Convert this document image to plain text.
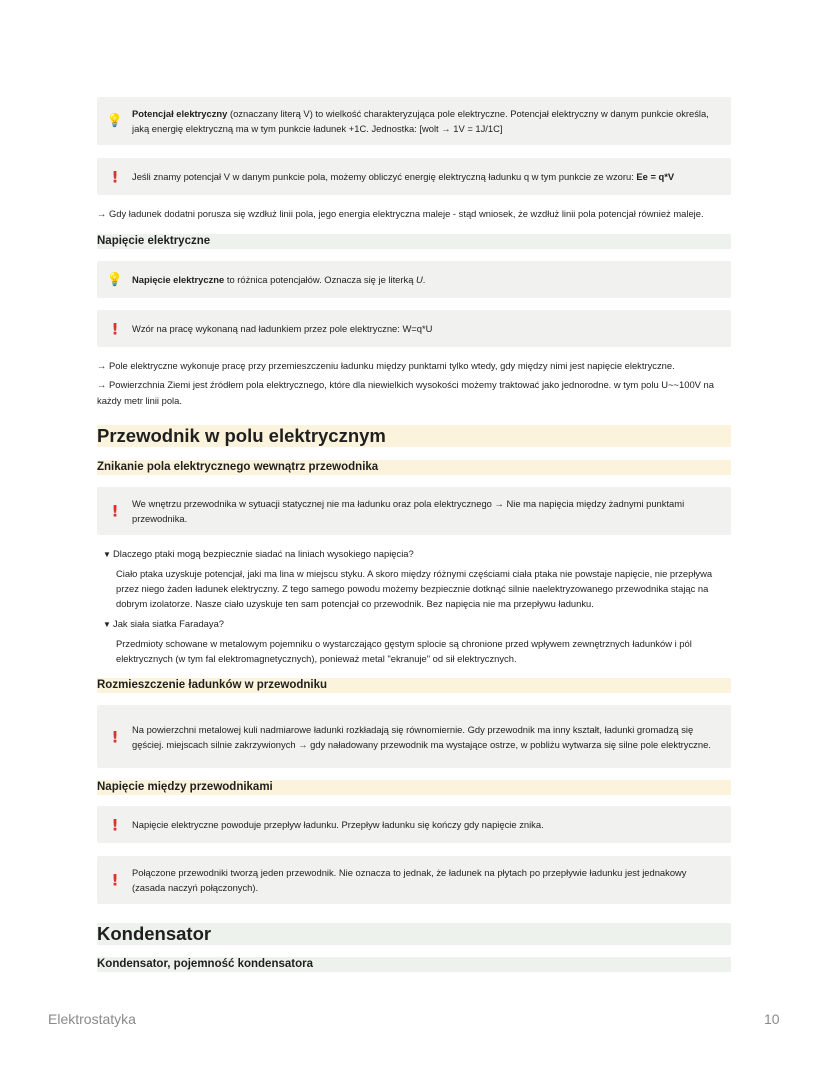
💡 Potencjał elektryczny (oznaczany literą V) to wielkość charakteryzująca pole elektryczne. Potencjał elektryczny w danym punkcie określa, jaką energię elektryczną ma w tym punkcie ładunek +1C. Jednostka: [wolt → 1V = 1J/1C]
!	Jeśli znamy potencjał V w danym punkcie pola, możemy obliczyć energię elektryczną ładunku q w tym punkcie ze wzoru: Ee = q*V
→ Gdy ładunek dodatni porusza się wzdłuż linii pola, jego energia elektryczna maleje - stąd wniosek, że wzdłuż linii pola potencjał również maleje.
Napięcie elektryczne
💡 Napięcie elektryczne to różnica potencjałów. Oznacza się je literką U.
!	Wzór na pracę wykonaną nad ładunkiem przez pole elektryczne: W=q*U
→ Pole elektryczne wykonuje pracę przy przemieszczeniu ładunku między punktami tylko wtedy, gdy między nimi jest napięcie elektryczne.
→ Powierzchnia Ziemi jest źródłem pola elektrycznego, które dla niewielkich wysokości możemy traktować jako jednorodne. w tym polu U~~100V na każdy metr linii pola.
Przewodnik w polu elektrycznym
Znikanie pola elektrycznego wewnątrz przewodnika
!	We wnętrzu przewodnika w sytuacji statycznej nie ma ładunku oraz pola elektrycznego → Nie ma napięcia między żadnymi punktami przewodnika.
▼ Dlaczego ptaki mogą bezpiecznie siadać na liniach wysokiego napięcia?
Ciało ptaka uzyskuje potencjał, jaki ma lina w miejscu styku. A skoro między różnymi częściami ciała ptaka nie powstaje napięcie, nie przepływa przez niego żaden ładunek elektryczny. Z tego samego powodu możemy bezpiecznie dotknąć silnie naelektryzowanego przewodnika stając na dobrym izolatorze. Nasze ciało uzyskuje ten sam potencjał co przewodnik. Bez napięcia nie ma przepływu ładunku.
▼ Jak siała siatka Faradaya?
Przedmioty schowane w metalowym pojemniku o wystarczająco gęstym splocie są chronione przed wpływem zewnętrznych ładunków i pól elektrycznych (w tym fal elektromagnetycznych), ponieważ metal "ekranuje" od sił elektrycznych.
Rozmieszczenie ładunków w przewodniku
!	Na powierzchni metalowej kuli nadmiarowe ładunki rozkładają się równomiernie. Gdy przewodnik ma inny kształt, ładunki gromadzą się gęściej. miejscach silnie zakrzywionych → gdy naładowany przewodnik ma wystające ostrze, w pobliżu wytwarza się silne pole elektryczne.
Napięcie między przewodnikami
!	Napięcie elektryczne powoduje przepływ ładunku. Przepływ ładunku się kończy gdy napięcie znika.
!	Połączone przewodniki tworzą jeden przewodnik. Nie oznacza to jednak, że ładunek na płytach po przepływie ładunku jest jednakowy (zasada naczyń połączonych).
Kondensator
Kondensator, pojemność kondensatora
Elektrostatyka	10
